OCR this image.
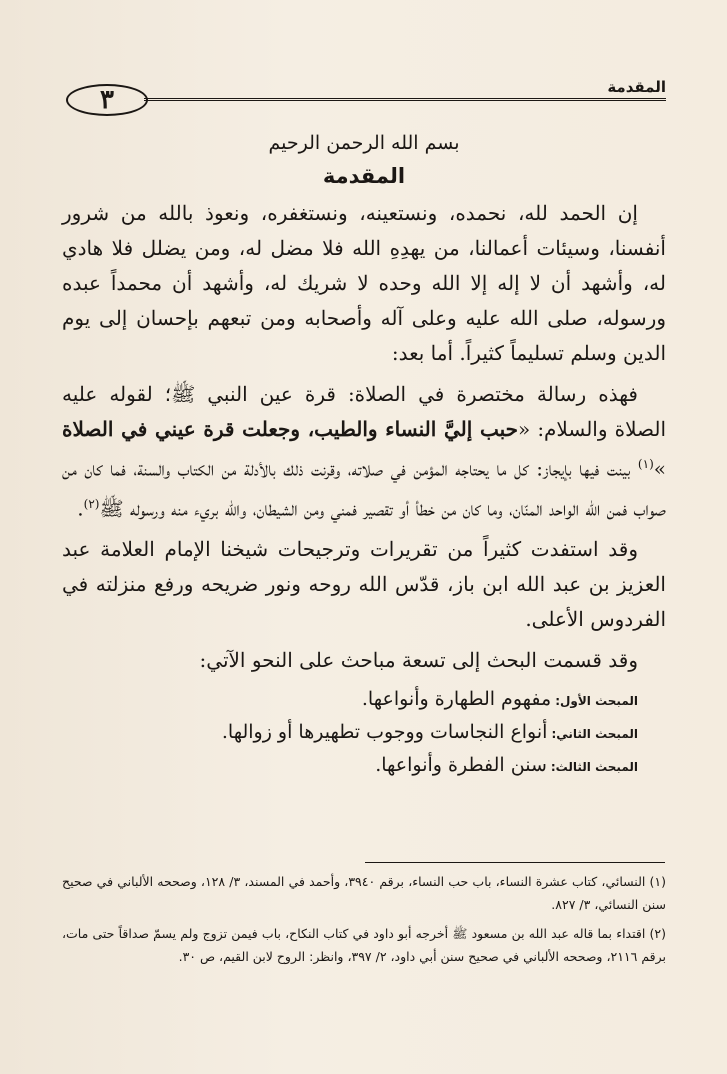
المقدمة
٣
بسم الله الرحمن الرحيم
المقدمة

إن الحمد لله، نحمده، ونستعينه، ونستغفره، ونعوذ بالله من شرور أنفسنا، وسيئات أعمالنا، من يهدِهِ الله فلا مضل له، ومن يضلل فلا هادي له، وأشهد أن لا إله إلا الله وحده لا شريك له، وأشهد أن محمداً عبده ورسوله، صلى الله عليه وعلى آله وأصحابه ومن تبعهم بإحسان إلى يوم الدين وسلم تسليماً كثيراً. أما بعد:

فهذه رسالة مختصرة في الصلاة: قرة عين النبي ﷺ؛ لقوله عليه الصلاة والسلام: «حبب إليَّ النساء والطيب، وجعلت قرة عيني في الصلاة »$^{(١)}$ بينت فيها بإيجاز: كل ما يحتاجه المؤمن في صلاته، وقرنت ذلك بالأدلة من الكتاب والسنة، فما كان من صواب فمن الله الواحد المنّان، وما كان من خطأ أو تقصير فمني ومن الشيطان، والله بريء منه ورسوله ﷺ$^{(٢)}$.

وقد استفدت كثيراً من تقريرات وترجيحات شيخنا الإمام العلامة عبد العزيز بن عبد الله ابن باز، قدّس الله روحه ونور ضريحه ورفع منزلته في الفردوس الأعلى.

وقد قسمت البحث إلى تسعة مباحث على النحو الآتي:

المبحث الأول:مفهوم الطهارة وأنواعها.

المبحث الثاني:أنواع النجاسات ووجوب تطهيرها أو زوالها.

المبحث الثالث:سنن الفطرة وأنواعها.

(١) النسائي، كتاب عشرة النساء، باب حب النساء، برقم ٣٩٤٠، وأحمد في المسند، ٣/ ١٢٨، وصححه الألباني في صحيح سنن النسائي، ٣/ ٨٢٧.

(٢) اقتداء بما قاله عبد الله بن مسعود ﷺ أخرجه أبو داود في كتاب النكاح، باب فيمن تزوج ولم يسمّ صداقاً حتى مات، برقم ٢١١٦، وصححه الألباني في صحيح سنن أبي داود، ٢/ ٣٩٧، وانظر: الروح لابن القيم، ص ٣٠.
